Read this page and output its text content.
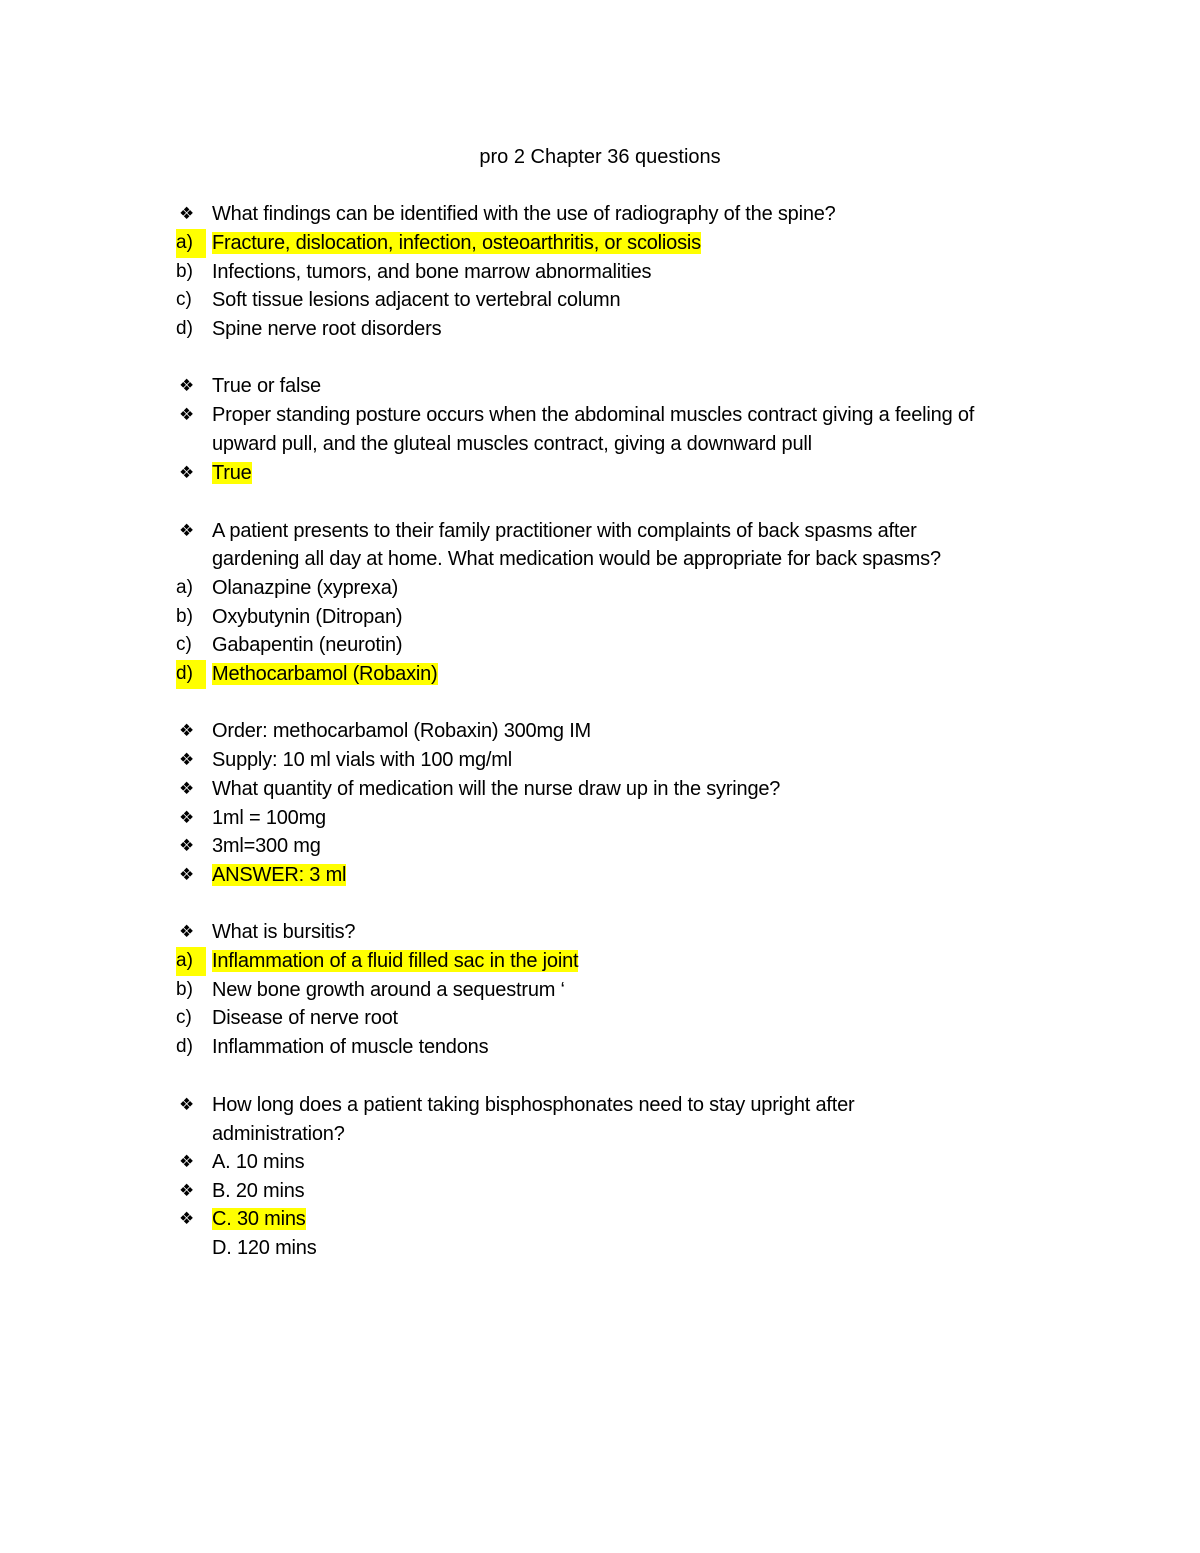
pro 2 Chapter 36 questions
❖ What findings can be identified with the use of radiography of the spine?
a) Fracture, dislocation, infection, osteoarthritis, or scoliosis
b) Infections, tumors, and bone marrow abnormalities
c)	Soft tissue lesions adjacent to vertebral column
d) Spine nerve root disorders
❖ True or false
❖ Proper standing posture occurs when the abdominal muscles contract giving a feeling of
upward pull, and the gluteal muscles contract, giving a downward pull
❖ True
❖ A patient presents to their family practitioner with complaints of back spasms after
gardening all day at home. What medication would be appropriate for back spasms?
a) Olanazpine (xyprexa)
b) Oxybutynin (Ditropan)
c)	Gabapentin (neurotin)
d) Methocarbamol (Robaxin)
❖ Order: methocarbamol (Robaxin) 300mg IM
❖ Supply: 10 ml vials with 100 mg/ml
❖ What quantity of medication will the nurse draw up in the syringe?
❖ 1ml = 100mg
❖ 3ml=300 mg
❖ ANSWER: 3 ml
❖ What is bursitis?
a) Inflammation of a fluid filled sac in the joint
b) New bone growth around a sequestrum ‘
c)	Disease of nerve root
d) Inflammation of muscle tendons
❖ How long does a patient taking bisphosphonates need to stay upright after
administration?
❖ A. 10 mins
❖ B. 20 mins
❖ C. 30 mins
D. 120 mins
